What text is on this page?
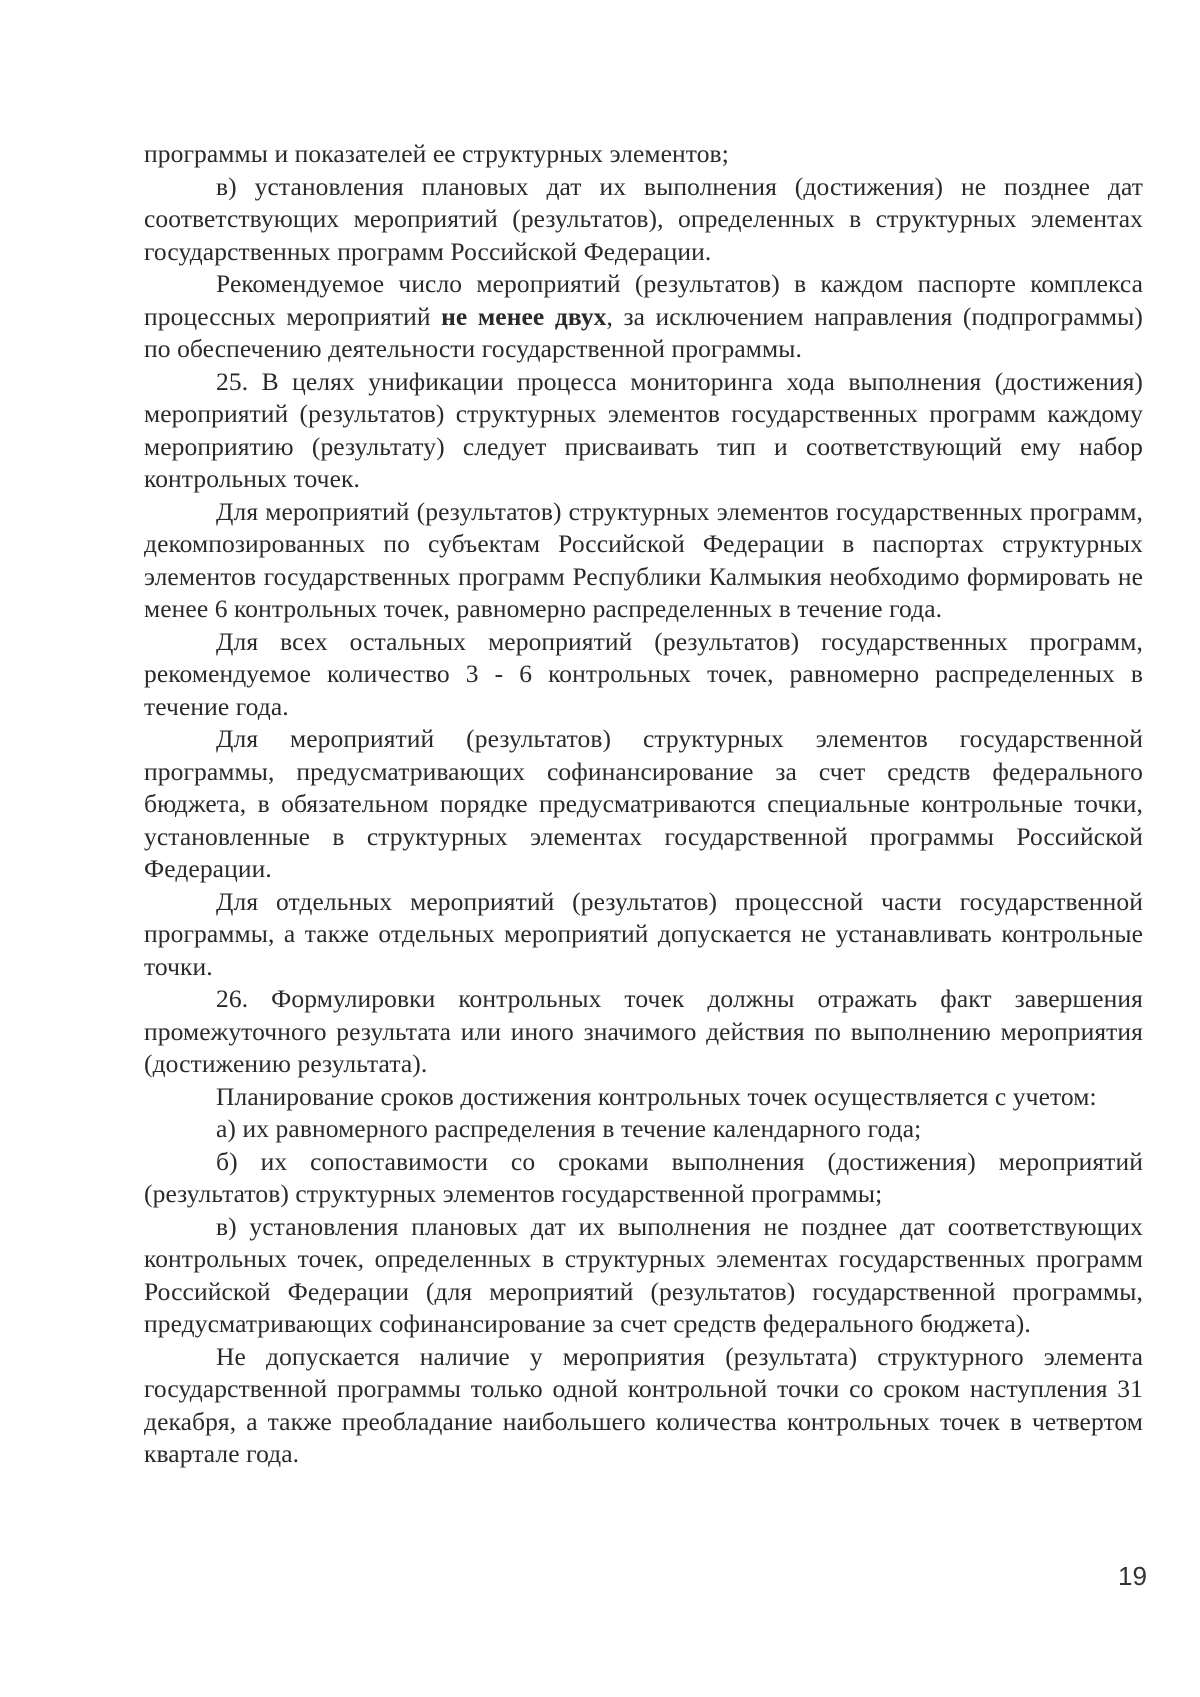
программы и показателей ее структурных элементов;

в) установления плановых дат их выполнения (достижения) не позднее дат соответствующих мероприятий (результатов), определенных в структурных элементах государственных программ Российской Федерации.

Рекомендуемое число мероприятий (результатов) в каждом паспорте комплекса процессных мероприятий не менее двух, за исключением направления (подпрограммы) по обеспечению деятельности государственной программы.

25. В целях унификации процесса мониторинга хода выполнения (достижения) мероприятий (результатов) структурных элементов государственных программ каждому мероприятию (результату) следует присваивать тип и соответствующий ему набор контрольных точек.

Для мероприятий (результатов) структурных элементов государственных программ, декомпозированных по субъектам Российской Федерации в паспортах структурных элементов государственных программ Республики Калмыкия необходимо формировать не менее 6 контрольных точек, равномерно распределенных в течение года.

Для всех остальных мероприятий (результатов) государственных программ, рекомендуемое количество 3 - 6 контрольных точек, равномерно распределенных в течение года.

Для мероприятий (результатов) структурных элементов государственной программы, предусматривающих софинансирование за счет средств федерального бюджета, в обязательном порядке предусматриваются специальные контрольные точки, установленные в структурных элементах государственной программы Российской Федерации.

Для отдельных мероприятий (результатов) процессной части государственной программы, а также отдельных мероприятий допускается не устанавливать контрольные точки.

26. Формулировки контрольных точек должны отражать факт завершения промежуточного результата или иного значимого действия по выполнению мероприятия (достижению результата).

Планирование сроков достижения контрольных точек осуществляется с учетом:

а) их равномерного распределения в течение календарного года;

б) их сопоставимости со сроками выполнения (достижения) мероприятий (результатов) структурных элементов государственной программы;

в) установления плановых дат их выполнения не позднее дат соответствующих контрольных точек, определенных в структурных элементах государственных программ Российской Федерации (для мероприятий (результатов) государственной программы, предусматривающих софинансирование за счет средств федерального бюджета).

Не допускается наличие у мероприятия (результата) структурного элемента государственной программы только одной контрольной точки со сроком наступления 31 декабря, а также преобладание наибольшего количества контрольных точек в четвертом квартале года.

19
